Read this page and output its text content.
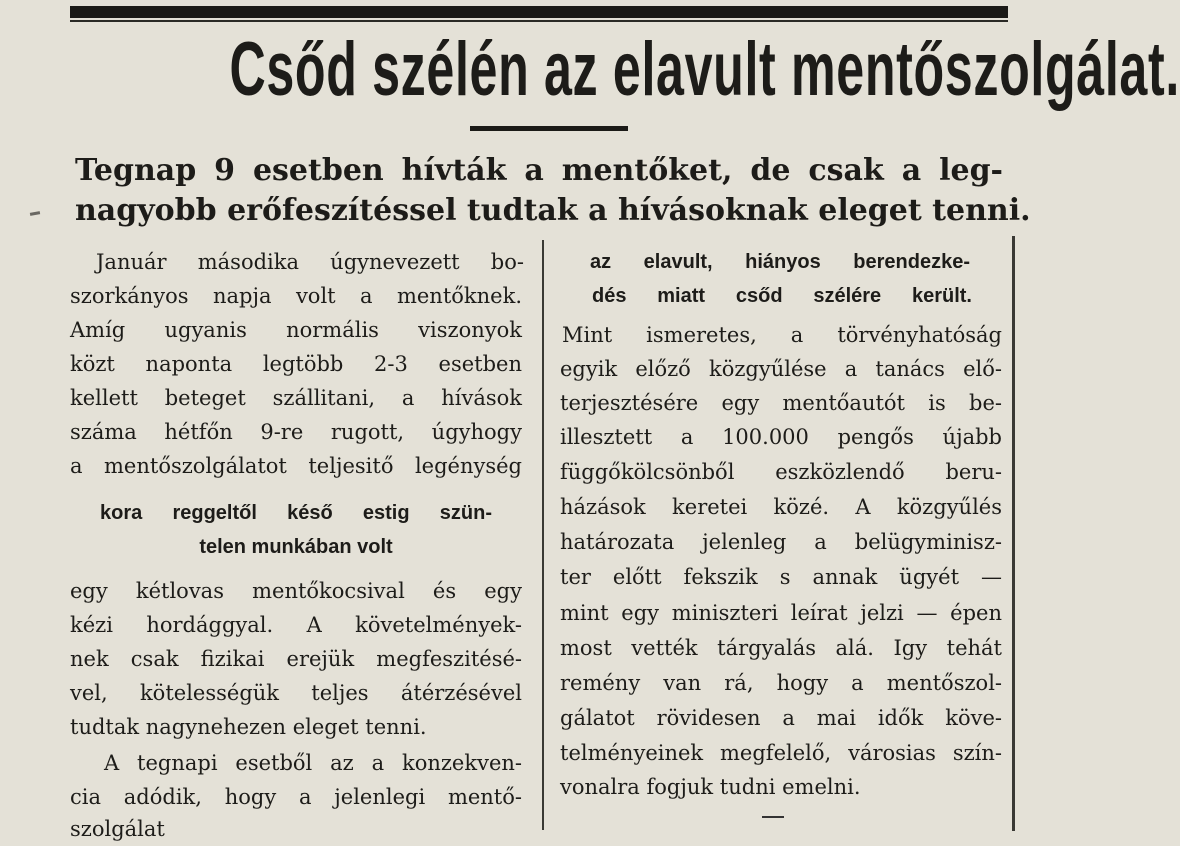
Csőd szélén az elavult mentőszolgálat.
Tegnap 9 esetben hívták a mentőket, de csak a leg-
nagyobb erőfeszítéssel tudtak a hívásoknak eleget tenni.
Január másodika úgynevezett bo-
szorkányos napja volt a mentőknek.
Amíg ugyanis normális viszonyok
közt naponta legtöbb 2-3 esetben
kellett beteget szállitani, a hívások
száma hétfőn 9-re rugott, úgyhogy
a mentőszolgálatot teljesitő legénység
kora reggeltől késő estig szün-
telen munkában volt
egy kétlovas mentőkocsival és egy
kézi hordággyal. A követelmények-
nek csak fizikai erejük megfeszitésé-
vel, kötelességük teljes átérzésével
tudtak nagynehezen eleget tenni.
A tegnapi esetből az a konzekven-
cia adódik, hogy a jelenlegi mentő-
szolgálat
az elavult, hiányos berendezke-
dés miatt csőd szélére került.
Mint ismeretes, a törvényhatóság
egyik előző közgyűlése a tanács elő-
terjesztésére egy mentőautót is be-
illesztett a 100.000 pengős újabb
függőkölcsönből eszközlendő beru-
házások keretei közé. A közgyűlés
határozata jelenleg a belügyminisz-
ter előtt fekszik s annak ügyét —
mint egy miniszteri leírat jelzi — épen
most vették tárgyalás alá. Igy tehát
remény van rá, hogy a mentőszol-
gálatot rövidesen a mai idők köve-
telményeinek megfelelő, városias szín-
vonalra fogjuk tudni emelni.
